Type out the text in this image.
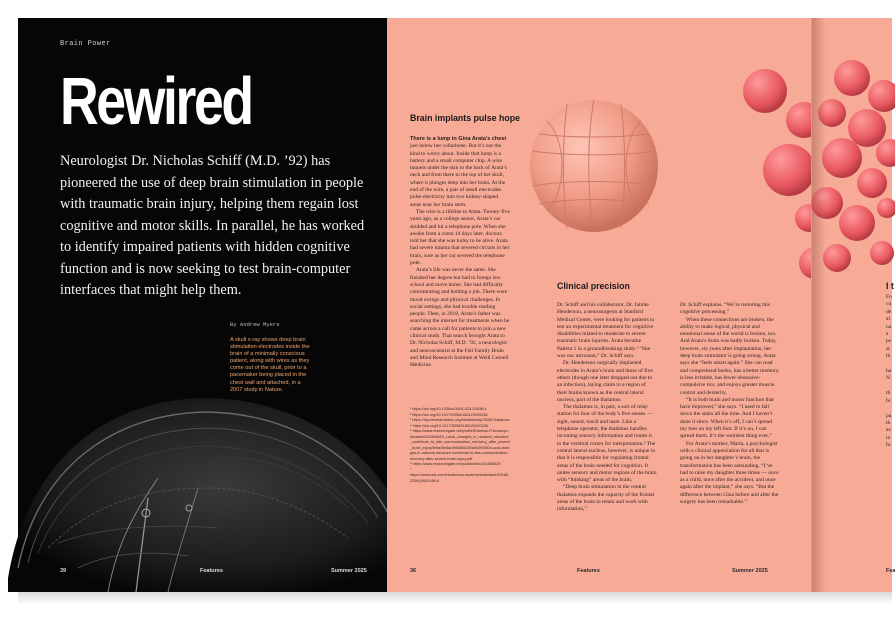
Brain Power
Rewired
Neurologist Dr. Nicholas Schiff (M.D. ’92) has pioneered the use of deep brain stimulation in people with traumatic brain injury, helping them regain lost cognitive and motor skills. In parallel, he has worked to identify impaired patients with hidden cognitive function and is now seeking to test brain-computer interfaces that might help them.
By Andrew Myers
A skull x-ray shows deep brain stimulation electrodes inside the brain of a minimally conscious patient, along with wires as they come out of the skull, prior to a pacemaker being placed in the chest wall and attached, in a 2007 study in Nature.
39	Features	Summer 2025
Brain implants pulse hope

There is a lump in Gina Arata’s chest just below her collarbone. But it’s not the kind to worry about. Inside that lump is a battery and a small computer chip. A wire tunnels under the skin to the back of Arata’s neck and from there to the top of her skull, where it plunges deep into her brain. At the end of the wire, a pair of small electrodes pulse electricity into two kidney-shaped areas near her brain stem.

The wire is a lifeline to Arata. Twenty-five years ago, as a college senior, Arata’s car skidded and hit a telephone pole. When she awoke from a coma 14 days later, doctors told her that she was lucky to be alive. Arata had severe trauma that severed circuits in her brain, sure as her car severed the telephone pole.

Arata’s life was never the same. She finished her degree but had to forego law school and move home. She had difficulty concentrating and holding a job. There were mood swings and physical challenges. In social settings, she had trouble reading people. Then, in 2018, Arata’s father was searching the internet for treatments when he came across a call for patients to join a new clinical study. That search brought Arata to Dr. Nicholas Schiff, M.D. ’92, a neurologist and neuroscientist at the Feil Family Brain and Mind Research Institute at Weill Cornell Medicine.

¹ https://doi.org/10.1038/s41591-023-02638-4
² https://doi.org/10.1017/S0962180120000236
³ https://my.clevelandclinic.org/health/body/23962-thalamus
⁴ https://doi.org/10.1017/S0962180120000236
⁵ https://www.researchgate.net/profile/Esteban-Fridman/publication/311506629_Local_changes_in_network_structure_contribute_to_late_communication_recovery_after_severe_brain_injury/links/5e8ac0fd4585150a0b2f9350/Local-changes-in-network-structure-contribute-to-late-communication-recovery-after-severe-brain-injury.pdf
⁶ https://www.researchgate.net/publication/311506629
⁷ https://www.cell.com/trends/neurosciences/abstract/S0166-2236(09)00186-6
Clinical precision

Dr. Schiff and his collaborator, Dr. Jaimie Henderson, a neurosurgeon at Stanford Medical Center, were looking for patients to test an experimental treatment for cognitive disabilities related to moderate to severe traumatic brain injuries. Arata became Patient 1 in a groundbreaking study.¹ “She was our astronaut,” Dr. Schiff says.

Dr. Henderson surgically implanted electrodes in Arata’s brain and those of five others (though one later dropped out due to an infection), laying claim to a region of their brains known as the central lateral nucleus, part of the thalamus.

The thalamus is, in part, a sort of relay station for four of the body’s five senses — sight, sound, touch and taste. Like a telephone operator, the thalamus handles incoming sensory information and routes it to the cerebral cortex for interpretation.³ The central lateral nucleus, however, is unique in that it is responsible for regulating frontal areas of the brain needed for cognition. It unites sensory and motor regions of the brain with “thinking” areas of the brain.

“Deep brain stimulation in the central thalamus expands the capacity of the frontal areas of the brain to retain and work with information,”

Dr. Schiff explains. “We’re restoring this cognitive processing.”

When these connections are broken, the ability to make logical, physical and emotional sense of the world is broken, too. And Arata’s brain was badly broken. Today, however, six years after implantation, her deep brain stimulator is going strong. Arata says she “feels smart again.” She can read and comprehend books, has a better memory, is less irritable, has fewer obsessive-compulsive tics, and enjoys greater muscle control and dexterity.

“It is both brain and motor function that have improved,” she says. “I used to fall down the stairs all the time. And I haven’t done it since. When it’s off, I can’t spread my toes on my left foot. If it’s on, I can spread them. It’s the weirdest thing ever.”

For Arata’s mother, Marla, a psychologist with a clinical appreciation for all that is going on in her daughter’s brain, the transformation has been astounding. “I’ve had to raise my daughter three times — once as a child, once after the accident, and once again after the implant,” she says. “But the difference between Gina before and after the surgery has been remarkable.”

36	Features	Summer 2025
I t
Fo
cu
de
al
na
a
ps
st
th

ha
N

th
bi

pa
th
as
in
fu
Fea
